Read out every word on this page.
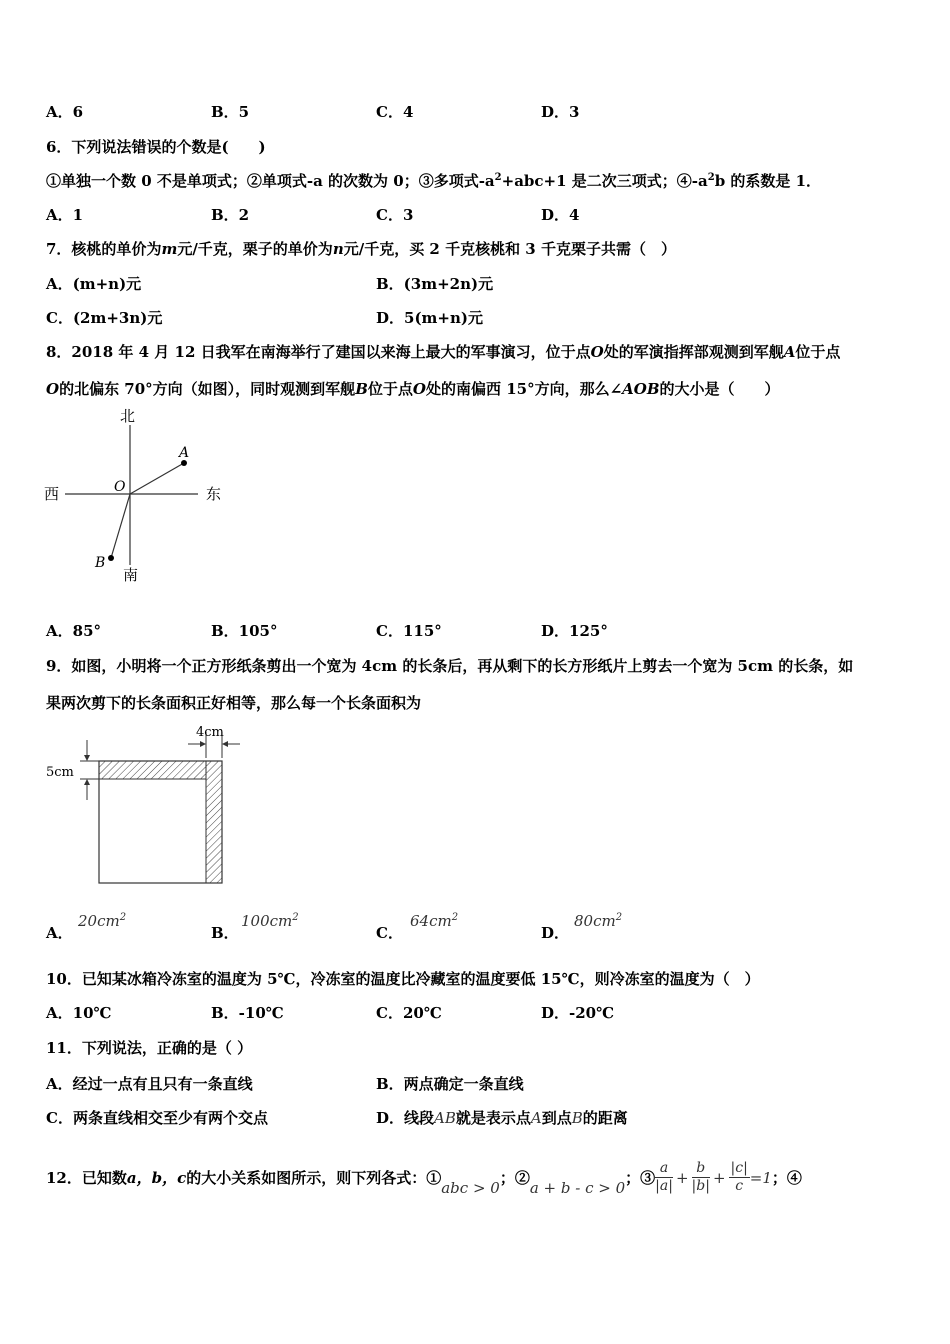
A．6	B．5	C．4	D．3
6．下列说法错误的个数是(　　)
①单独一个数 0 不是单项式；②单项式-a 的次数为 0；③多项式$-a^2+abc+1$ 是二次三项式；$④-a^2b$ 的系数是 1．
A．1	B．2	C．3	D．4
7．核桃的单价为m元/千克，栗子的单价为n元/千克，买 2 千克核桃和 3 千克栗子共需（　）
A．(m+n)元	B．(3m+2n)元
C．(2m+3n)元	D．5(m+n)元
8．2018 年 4 月 12 日我军在南海举行了建国以来海上最大的军事演习，位于点O处的军演指挥部观测到军舰A位于点
O的北偏东 70°方向（如图），同时观测到军舰B位于点O处的南偏西 15°方向，那么∠AOB的大小是（　　）
北
南
西	东
O
A
B
A．85°	B．105°	C．115°	D．125°
9．如图，小明将一个正方形纸条剪出一个宽为 4cm 的长条后，再从剩下的长方形纸片上剪去一个宽为 5cm 的长条，如
果两次剪下的长条面积正好相等，那么每一个长条面积为
4cm
5cm
A．
$20cm^2$
B．
$100cm^2$
C．
$64cm^2$
D．
$80cm^2$
10．已知某冰箱冷冻室的温度为 5℃，冷冻室的温度比冷藏室的温度要低 15℃，则冷冻室的温度为（　）
A．10℃	B．-10℃	C．20℃	D．-20℃
11．下列说法，正确的是（ ）
A．经过一点有且只有一条直线	B．两点确定一条直线
C．两条直线相交至少有两个交点	D．线段AB就是表示点A到点B的距离
12．已知数 a，b，c 的大小关系如图所示，则下列各式：①
abc > 0
；②
a + b - c > 0
；③ $\frac{a}{|a|} + \frac{b}{|b|} + \frac{|c|}{c} =1$ ；④
